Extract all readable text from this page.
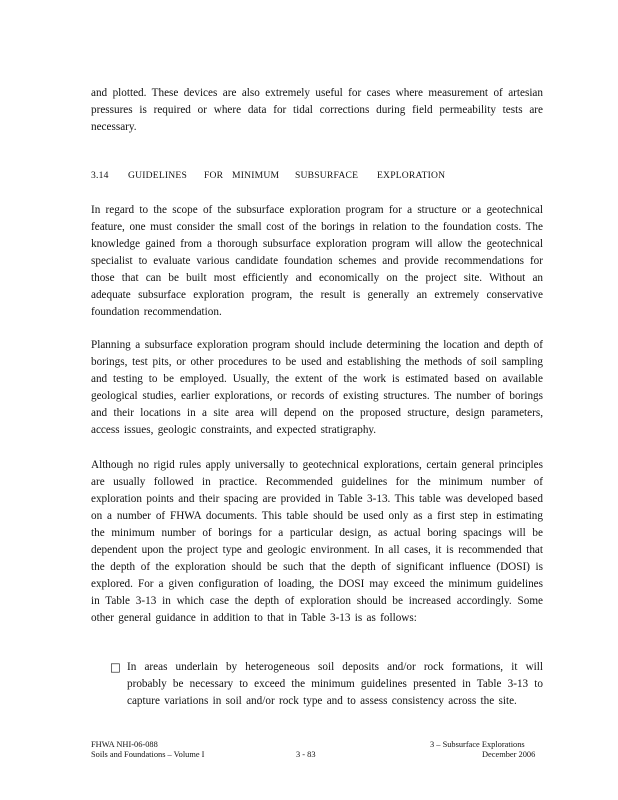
and plotted. These devices are also extremely useful for cases where measurement of artesian pressures is required or where data for tidal corrections during field permeability tests are necessary.

3.14	GUIDELINES	FOR MINIMUM	SUBSURFACE	EXPLORATION

In regard to the scope of the subsurface exploration program for a structure or a geotechnical feature, one must consider the small cost of the borings in relation to the foundation costs. The knowledge gained from a thorough subsurface exploration program will allow the geotechnical specialist to evaluate various candidate foundation schemes and provide recommendations for those that can be built most efficiently and economically on the project site. Without an adequate subsurface exploration program, the result is generally an extremely conservative foundation recommendation.

Planning a subsurface exploration program should include determining the location and depth of borings, test pits, or other procedures to be used and establishing the methods of soil sampling and testing to be employed. Usually, the extent of the work is estimated based on available geological studies, earlier explorations, or records of existing structures. The number of borings and their locations in a site area will depend on the proposed structure, design parameters, access issues, geologic constraints, and expected stratigraphy.

Although no rigid rules apply universally to geotechnical explorations, certain general principles are usually followed in practice. Recommended guidelines for the minimum number of exploration points and their spacing are provided in Table 3-13. This table was developed based on a number of FHWA documents. This table should be used only as a first step in estimating the minimum number of borings for a particular design, as actual boring spacings will be dependent upon the project type and geologic environment. In all cases, it is recommended that the depth of the exploration should be such that the depth of significant influence (DOSI) is explored. For a given configuration of loading, the DOSI may exceed the minimum guidelines in Table 3-13 in which case the depth of exploration should be increased accordingly. Some other general guidance in addition to that in Table 3-13 is as follows:

□ In areas underlain by heterogeneous soil deposits and/or rock formations, it will probably be necessary to exceed the minimum guidelines presented in Table 3-13 to capture variations in soil and/or rock type and to assess consistency across the site.

FHWA NHI-06-088
Soils and Foundations – Volume I	3 - 83
3 – Subsurface Explorations
December 2006
